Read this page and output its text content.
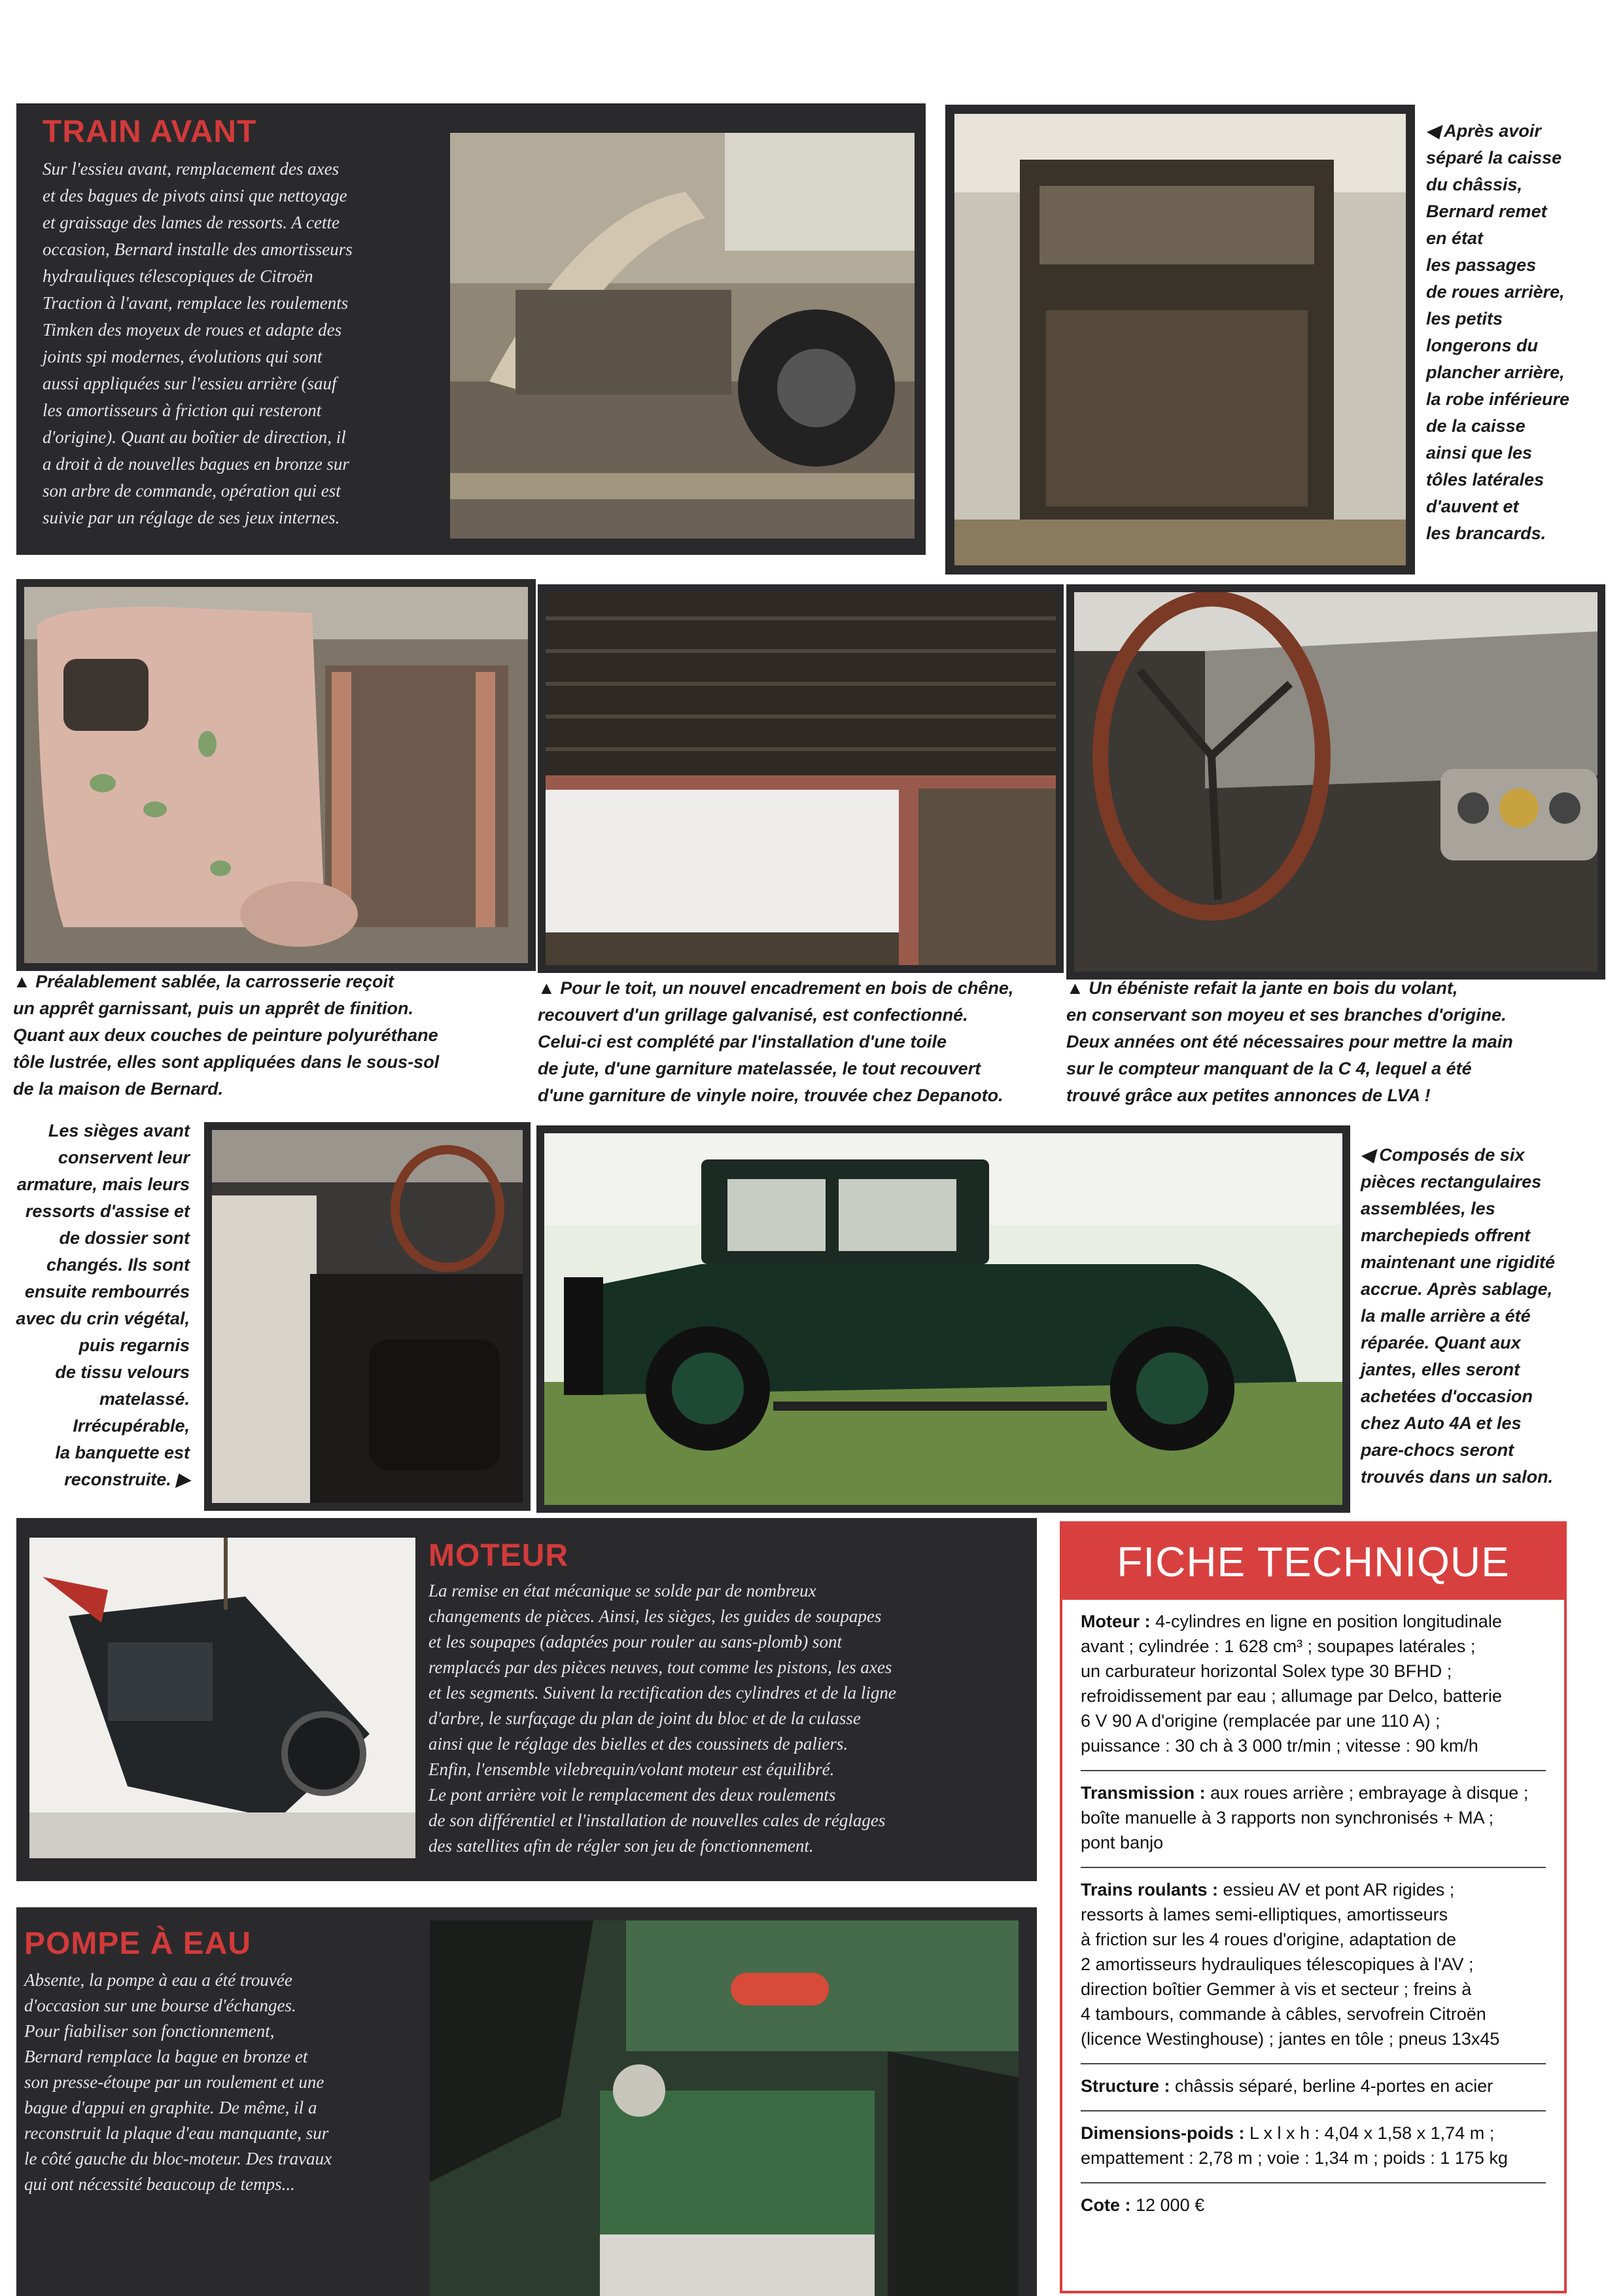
TRAIN AVANT
Sur l'essieu avant, remplacement des axes
et des bagues de pivots ainsi que nettoyage
et graissage des lames de ressorts. A cette
occasion, Bernard installe des amortisseurs
hydrauliques télescopiques de Citroën
Traction à l'avant, remplace les roulements
Timken des moyeux de roues et adapte des
joints spi modernes, évolutions qui sont
aussi appliquées sur l'essieu arrière (sauf
les amortisseurs à friction qui resteront
d'origine). Quant au boîtier de direction, il
a droit à de nouvelles bagues en bronze sur
son arbre de commande, opération qui est
suivie par un réglage de ses jeux internes.
◀ Après avoir
séparé la caisse
du châssis,
Bernard remet
en état
les passages
de roues arrière,
les petits
longerons du
plancher arrière,
la robe inférieure
de la caisse
ainsi que les
tôles latérales
d'auvent et
les brancards.
▲ Préalablement sablée, la carrosserie reçoit
un apprêt garnissant, puis un apprêt de finition.
Quant aux deux couches de peinture polyuréthane
tôle lustrée, elles sont appliquées dans le sous-sol
de la maison de Bernard.
▲ Pour le toit, un nouvel encadrement en bois de chêne,
recouvert d'un grillage galvanisé, est confectionné.
Celui-ci est complété par l'installation d'une toile
de jute, d'une garniture matelassée, le tout recouvert
d'une garniture de vinyle noire, trouvée chez Depanoto.
▲ Un ébéniste refait la jante en bois du volant,
en conservant son moyeu et ses branches d'origine.
Deux années ont été nécessaires pour mettre la main
sur le compteur manquant de la C 4, lequel a été
trouvé grâce aux petites annonces de LVA !
Les sièges avant
conservent leur
armature, mais leurs
ressorts d'assise et
de dossier sont
changés. Ils sont
ensuite rembourrés
avec du crin végétal,
puis regarnis
de tissu velours
matelassé.
Irrécupérable,
la banquette est
reconstruite. ▶
◀ Composés de six
pièces rectangulaires
assemblées, les
marchepieds offrent
maintenant une rigidité
accrue. Après sablage,
la malle arrière a été
réparée. Quant aux
jantes, elles seront
achetées d'occasion
chez Auto 4A et les
pare-chocs seront
trouvés dans un salon.
MOTEUR
La remise en état mécanique se solde par de nombreux
changements de pièces. Ainsi, les sièges, les guides de soupapes
et les soupapes (adaptées pour rouler au sans-plomb) sont
remplacés par des pièces neuves, tout comme les pistons, les axes
et les segments. Suivent la rectification des cylindres et de la ligne
d'arbre, le surfaçage du plan de joint du bloc et de la culasse
ainsi que le réglage des bielles et des coussinets de paliers.
Enfin, l'ensemble vilebrequin/volant moteur est équilibré.
Le pont arrière voit le remplacement des deux roulements
de son différentiel et l'installation de nouvelles cales de réglages
des satellites afin de régler son jeu de fonctionnement.
POMPE À EAU
Absente, la pompe à eau a été trouvée
d'occasion sur une bourse d'échanges.
Pour fiabiliser son fonctionnement,
Bernard remplace la bague en bronze et
son presse-étoupe par un roulement et une
bague d'appui en graphite. De même, il a
reconstruit la plaque d'eau manquante, sur
le côté gauche du bloc-moteur. Des travaux
qui ont nécessité beaucoup de temps...
FICHE TECHNIQUE
Moteur : 4-cylindres en ligne en position longitudinale
avant ; cylindrée : 1 628 cm³ ; soupapes latérales ;
un carburateur horizontal Solex type 30 BFHD ;
refroidissement par eau ; allumage par Delco, batterie
6 V 90 A d'origine (remplacée par une 110 A) ;
puissance : 30 ch à 3 000 tr/min ; vitesse : 90 km/h
Transmission : aux roues arrière ; embrayage à disque ;
boîte manuelle à 3 rapports non synchronisés + MA ;
pont banjo
Trains roulants : essieu AV et pont AR rigides ;
ressorts à lames semi-elliptiques, amortisseurs
à friction sur les 4 roues d'origine, adaptation de
2 amortisseurs hydrauliques télescopiques à l'AV ;
direction boîtier Gemmer à vis et secteur ; freins à
4 tambours, commande à câbles, servofrein Citroën
(licence Westinghouse) ; jantes en tôle ; pneus 13x45
Structure : châssis séparé, berline 4-portes en acier
Dimensions-poids : L x l x h : 4,04 x 1,58 x 1,74 m ;
empattement : 2,78 m ; voie : 1,34 m ; poids : 1 175 kg
Cote : 12 000 €
